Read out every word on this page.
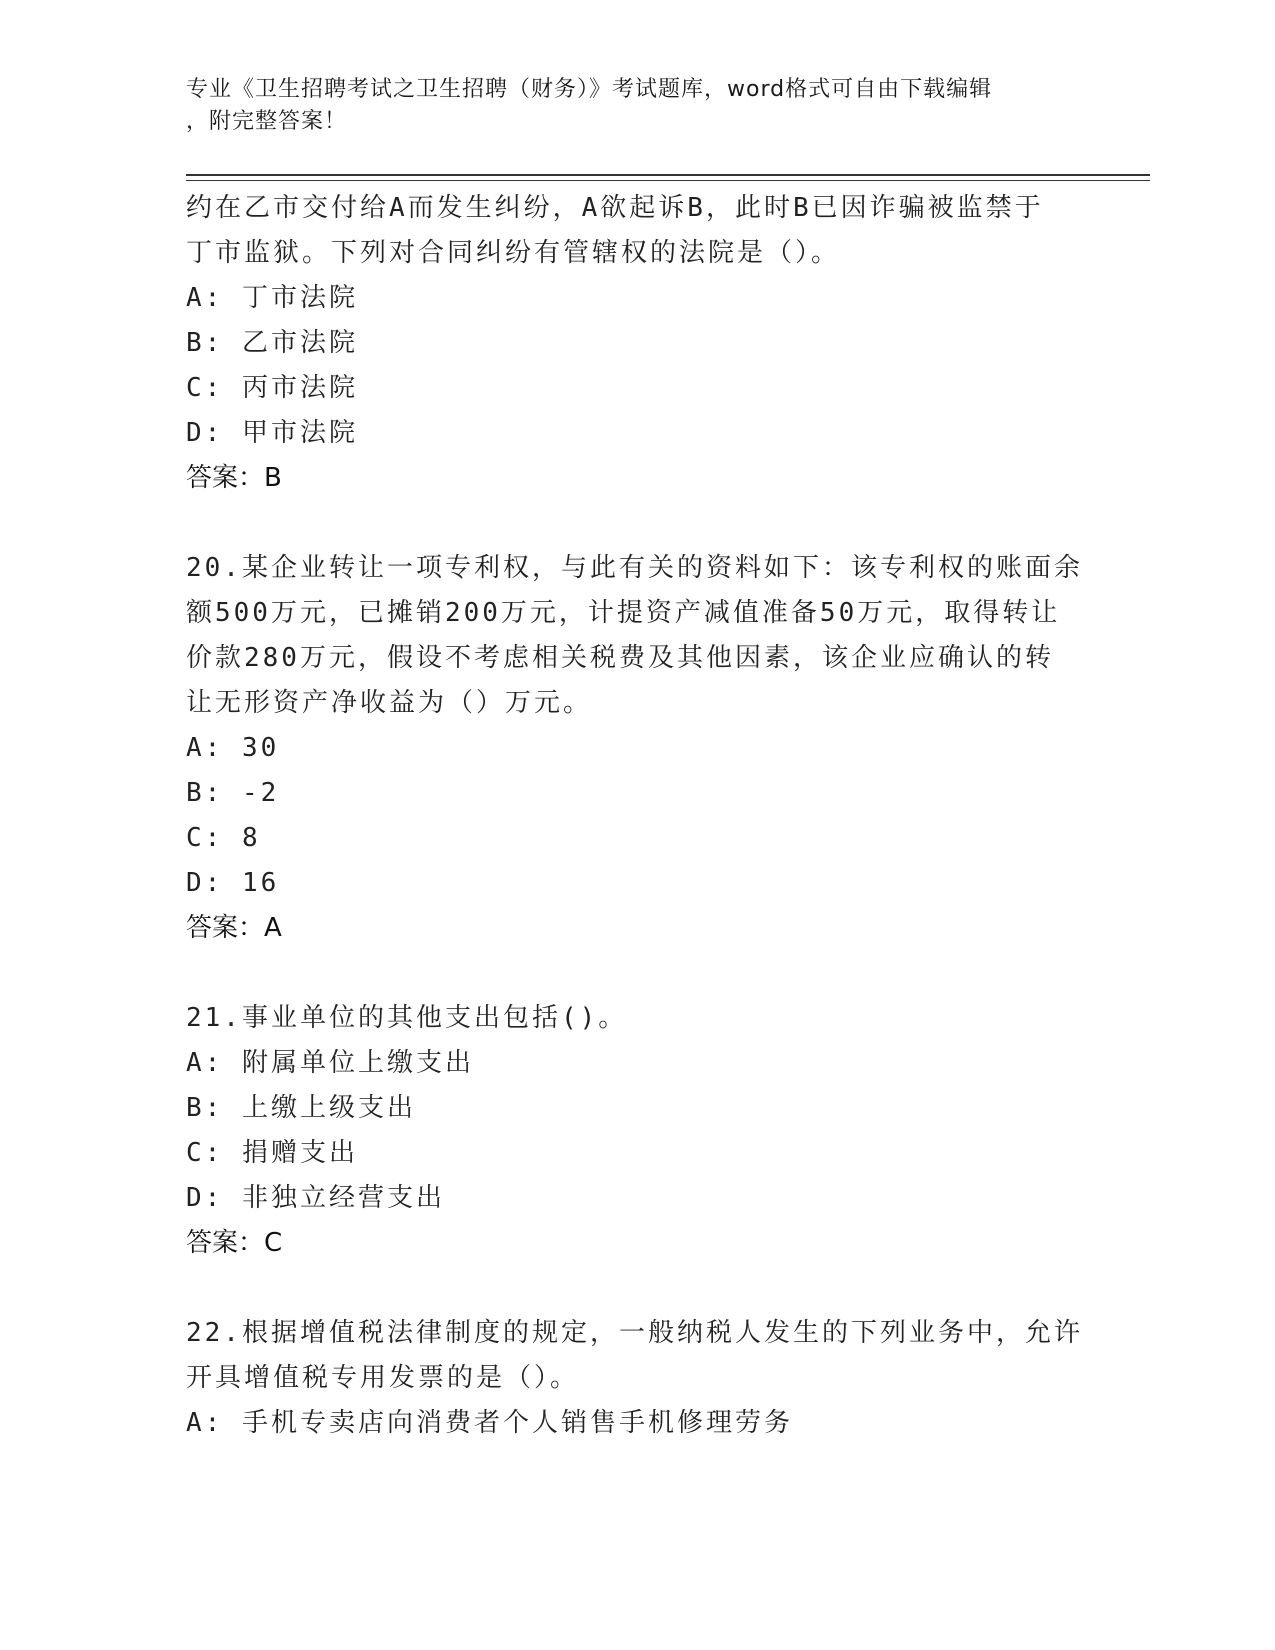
专业《卫生招聘考试之卫生招聘（财务）》考试题库，word格式可自由下载编辑
，附完整答案！

约在乙市交付给A而发生纠纷，A欲起诉B，此时B已因诈骗被监禁于

丁市监狱。下列对合同纠纷有管辖权的法院是（）。

A: 丁市法院

B: 乙市法院

C: 丙市法院

D: 甲市法院

答案：B

20.某企业转让一项专利权，与此有关的资料如下：该专利权的账面余

额500万元，已摊销200万元，计提资产减值准备50万元，取得转让

价款280万元，假设不考虑相关税费及其他因素，该企业应确认的转

让无形资产净收益为（）万元。

A: 30

B: -2

C: 8

D: 16

答案：A

21.事业单位的其他支出包括()。

A: 附属单位上缴支出

B: 上缴上级支出

C: 捐赠支出

D: 非独立经营支出

答案：C

22.根据增值税法律制度的规定，一般纳税人发生的下列业务中，允许

开具增值税专用发票的是（）。

A: 手机专卖店向消费者个人销售手机修理劳务
